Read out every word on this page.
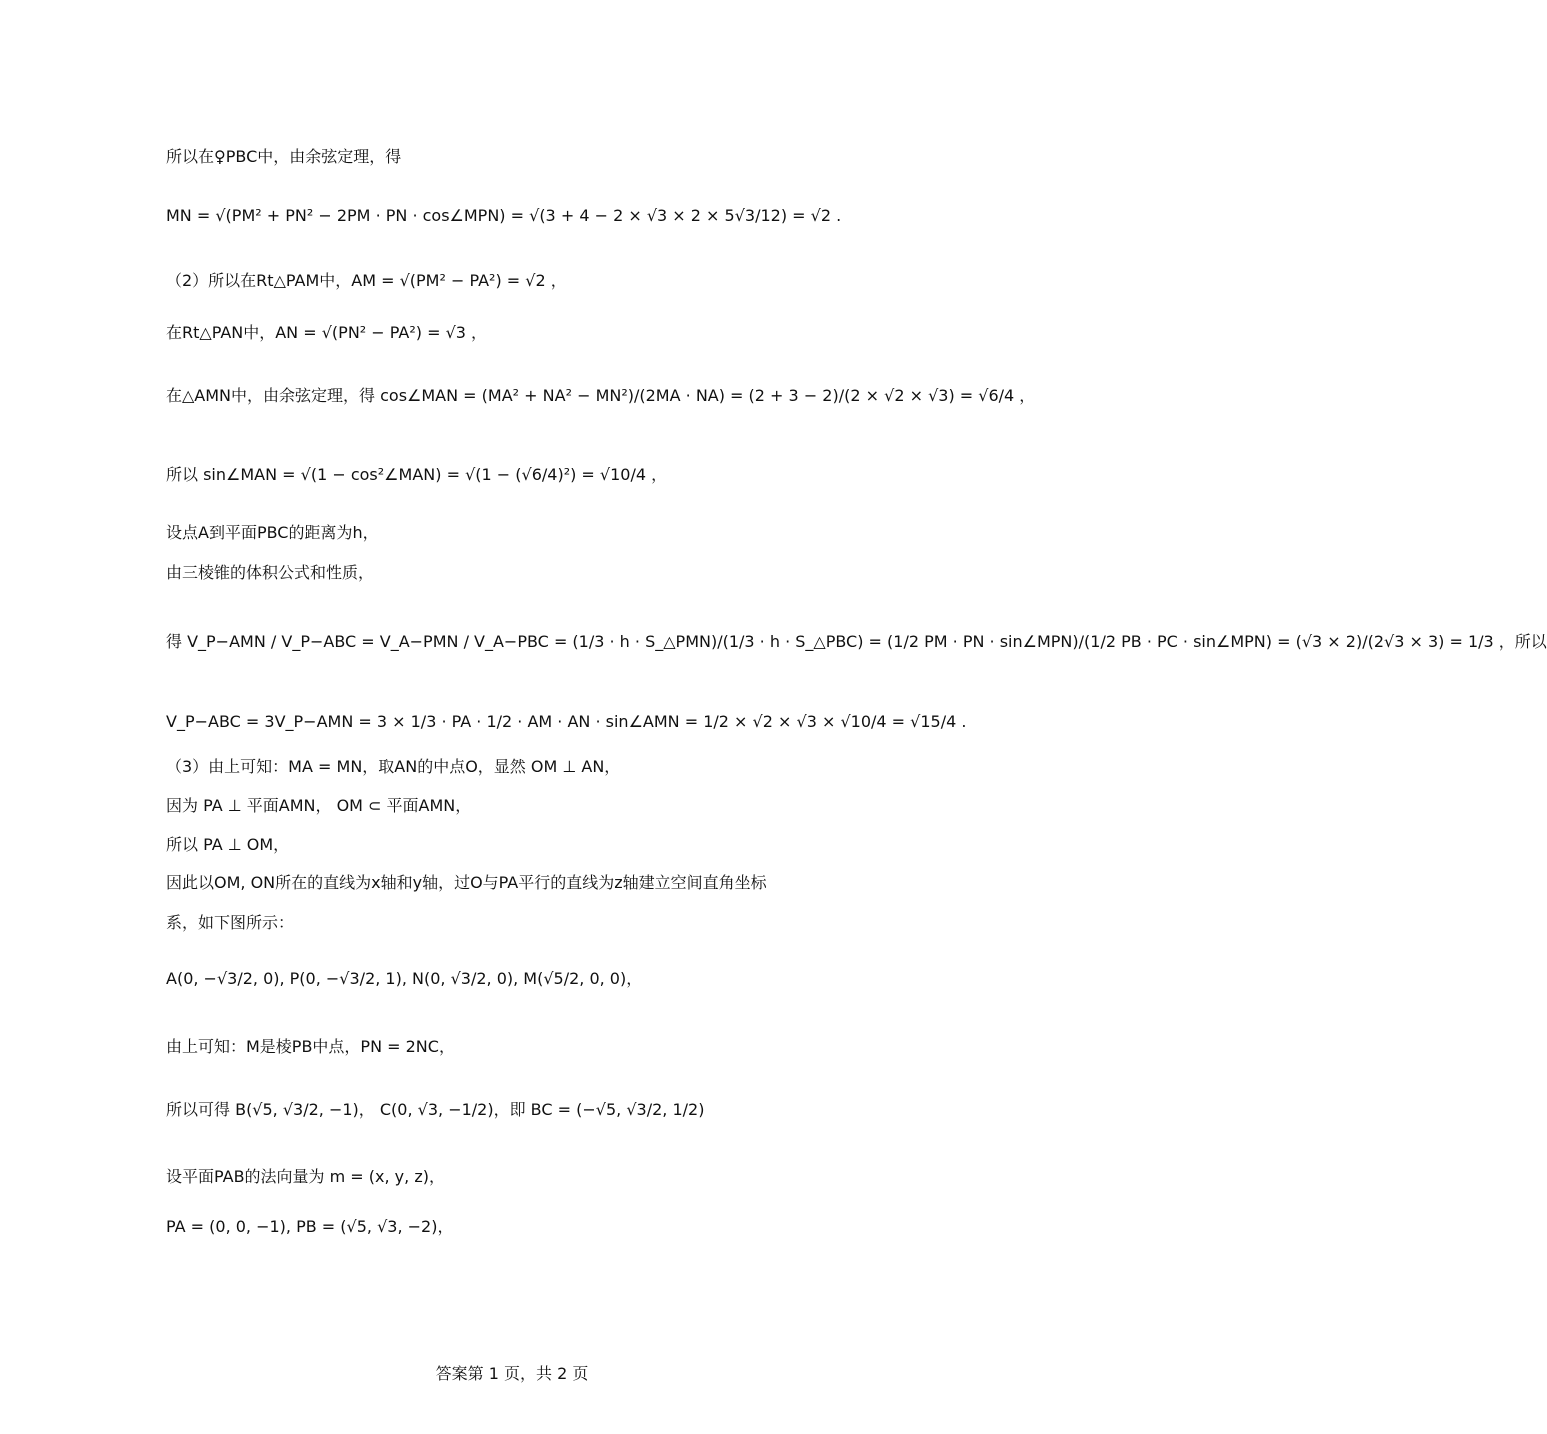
所以在♀PBC中，由余弦定理，得
MN = √(PM² + PN² − 2PM · PN · cos∠MPN) = √(3 + 4 − 2 × √3 × 2 × 5√3/12) = √2 .
（2）所以在Rt△PAM中，AM = √(PM² − PA²) = √2 ，
在Rt△PAN中，AN = √(PN² − PA²) = √3 ，
在△AMN中，由余弦定理，得 cos∠MAN = (MA² + NA² − MN²)/(2MA · NA) = (2 + 3 − 2)/(2 × √2 × √3) = √6/4 ，
所以 sin∠MAN = √(1 − cos²∠MAN) = √(1 − (√6/4)²) = √10/4 ，
设点A到平面PBC的距离为h，
由三棱锥的体积公式和性质，
得 V_P−AMN / V_P−ABC = V_A−PMN / V_A−PBC = (1/3 · h · S_△PMN)/(1/3 · h · S_△PBC) = (1/2 PM · PN · sin∠MPN)/(1/2 PB · PC · sin∠MPN) = (√3 × 2)/(2√3 × 3) = 1/3 ，所以
V_P−ABC = 3V_P−AMN = 3 × 1/3 · PA · 1/2 · AM · AN · sin∠AMN = 1/2 × √2 × √3 × √10/4 = √15/4 .
（3）由上可知：MA = MN，取AN的中点O，显然 OM ⊥ AN，
因为 PA ⊥ 平面AMN， OM ⊂ 平面AMN，
所以 PA ⊥ OM，
因此以OM, ON所在的直线为x轴和y轴，过O与PA平行的直线为z轴建立空间直角坐标
系，如下图所示：
A(0, −√3/2, 0), P(0, −√3/2, 1), N(0, √3/2, 0), M(√5/2, 0, 0)，
由上可知：M是棱PB中点，PN = 2NC，
所以可得 B(√5, √3/2, −1)， C(0, √3, −1/2)，即 BC = (−√5, √3/2, 1/2)
设平面PAB的法向量为 m = (x, y, z)，
PA = (0, 0, −1), PB = (√5, √3, −2)，
答案第 1 页，共 2 页
